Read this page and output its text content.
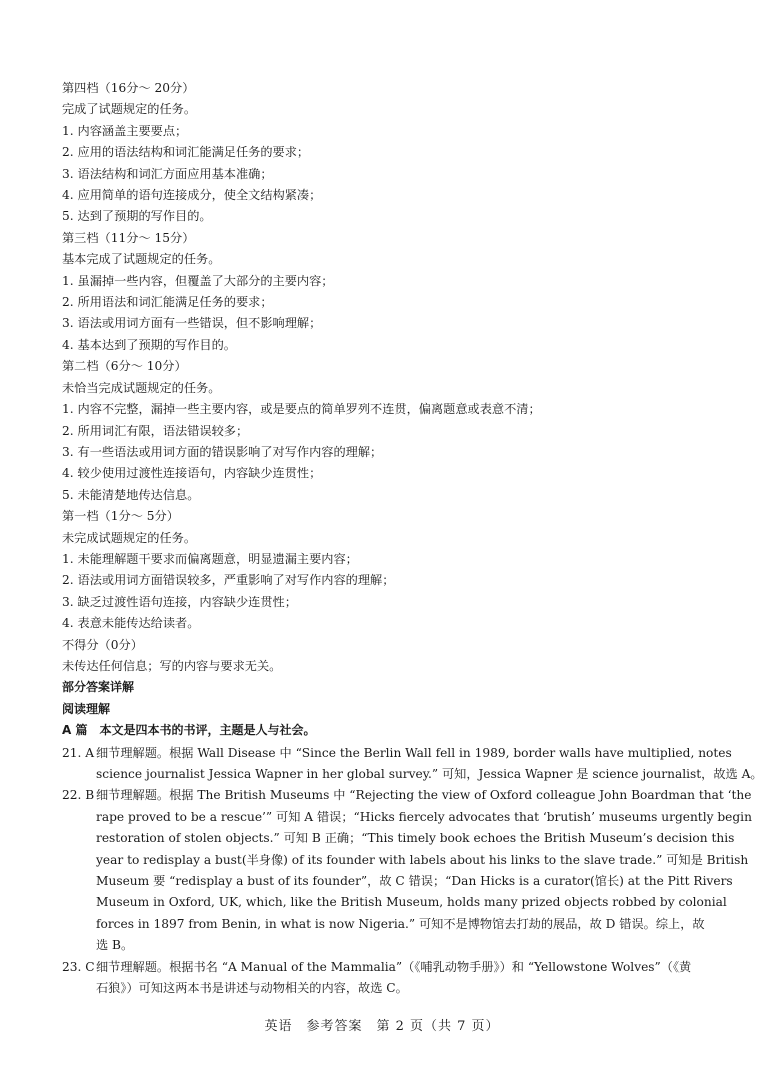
第四档（16分～ 20分）
完成了试题规定的任务。
1. 内容涵盖主要要点；
2. 应用的语法结构和词汇能满足任务的要求；
3. 语法结构和词汇方面应用基本准确；
4. 应用简单的语句连接成分，使全文结构紧凑；
5. 达到了预期的写作目的。
第三档（11分～ 15分）
基本完成了试题规定的任务。
1. 虽漏掉一些内容，但覆盖了大部分的主要内容；
2. 所用语法和词汇能满足任务的要求；
3. 语法或用词方面有一些错误，但不影响理解；
4. 基本达到了预期的写作目的。
第二档（6分～ 10分）
未恰当完成试题规定的任务。
1. 内容不完整，漏掉一些主要内容，或是要点的简单罗列不连贯，偏离题意或表意不清；
2. 所用词汇有限，语法错误较多；
3. 有一些语法或用词方面的错误影响了对写作内容的理解；
4. 较少使用过渡性连接语句，内容缺少连贯性；
5. 未能清楚地传达信息。
第一档（1分～ 5分）
未完成试题规定的任务。
1. 未能理解题干要求而偏离题意，明显遗漏主要内容；
2. 语法或用词方面错误较多，严重影响了对写作内容的理解；
3. 缺乏过渡性语句连接，内容缺少连贯性；
4. 表意未能传达给读者。
不得分（0分）
未传达任何信息；写的内容与要求无关。
部分答案详解
阅读理解
A 篇　本文是四本书的书评，主题是人与社会。
21. A 细节理解题。根据 Wall Disease 中 “Since the Berlin Wall fell in 1989, border walls have multiplied, notes
science journalist Jessica Wapner in her global survey.” 可知，Jessica Wapner 是 science journalist，故选 A。
22. B 细节理解题。根据 The British Museums 中 “Rejecting the view of Oxford colleague John Boardman that ‘the
rape proved to be a rescue’” 可知 A 错误；“Hicks fiercely advocates that ‘brutish’ museums urgently begin
restoration of stolen objects.” 可知 B 正确；“This timely book echoes the British Museum’s decision this
year to redisplay a bust(半身像) of its founder with labels about his links to the slave trade.” 可知是 British
Museum 要 “redisplay a bust of its founder”，故 C 错误；“Dan Hicks is a curator(馆长) at the Pitt Rivers
Museum in Oxford, UK, which, like the British Museum, holds many prized objects robbed by colonial
forces in 1897 from Benin, in what is now Nigeria.” 可知不是博物馆去打劫的展品，故 D 错误。综上，故
选 B。
23. C 细节理解题。根据书名 “A Manual of the Mammalia”（《哺乳动物手册》）和 “Yellowstone Wolves”（《黄
石狼》）可知这两本书是讲述与动物相关的内容，故选 C。
英语　参考答案　第 2 页（共 7 页）
